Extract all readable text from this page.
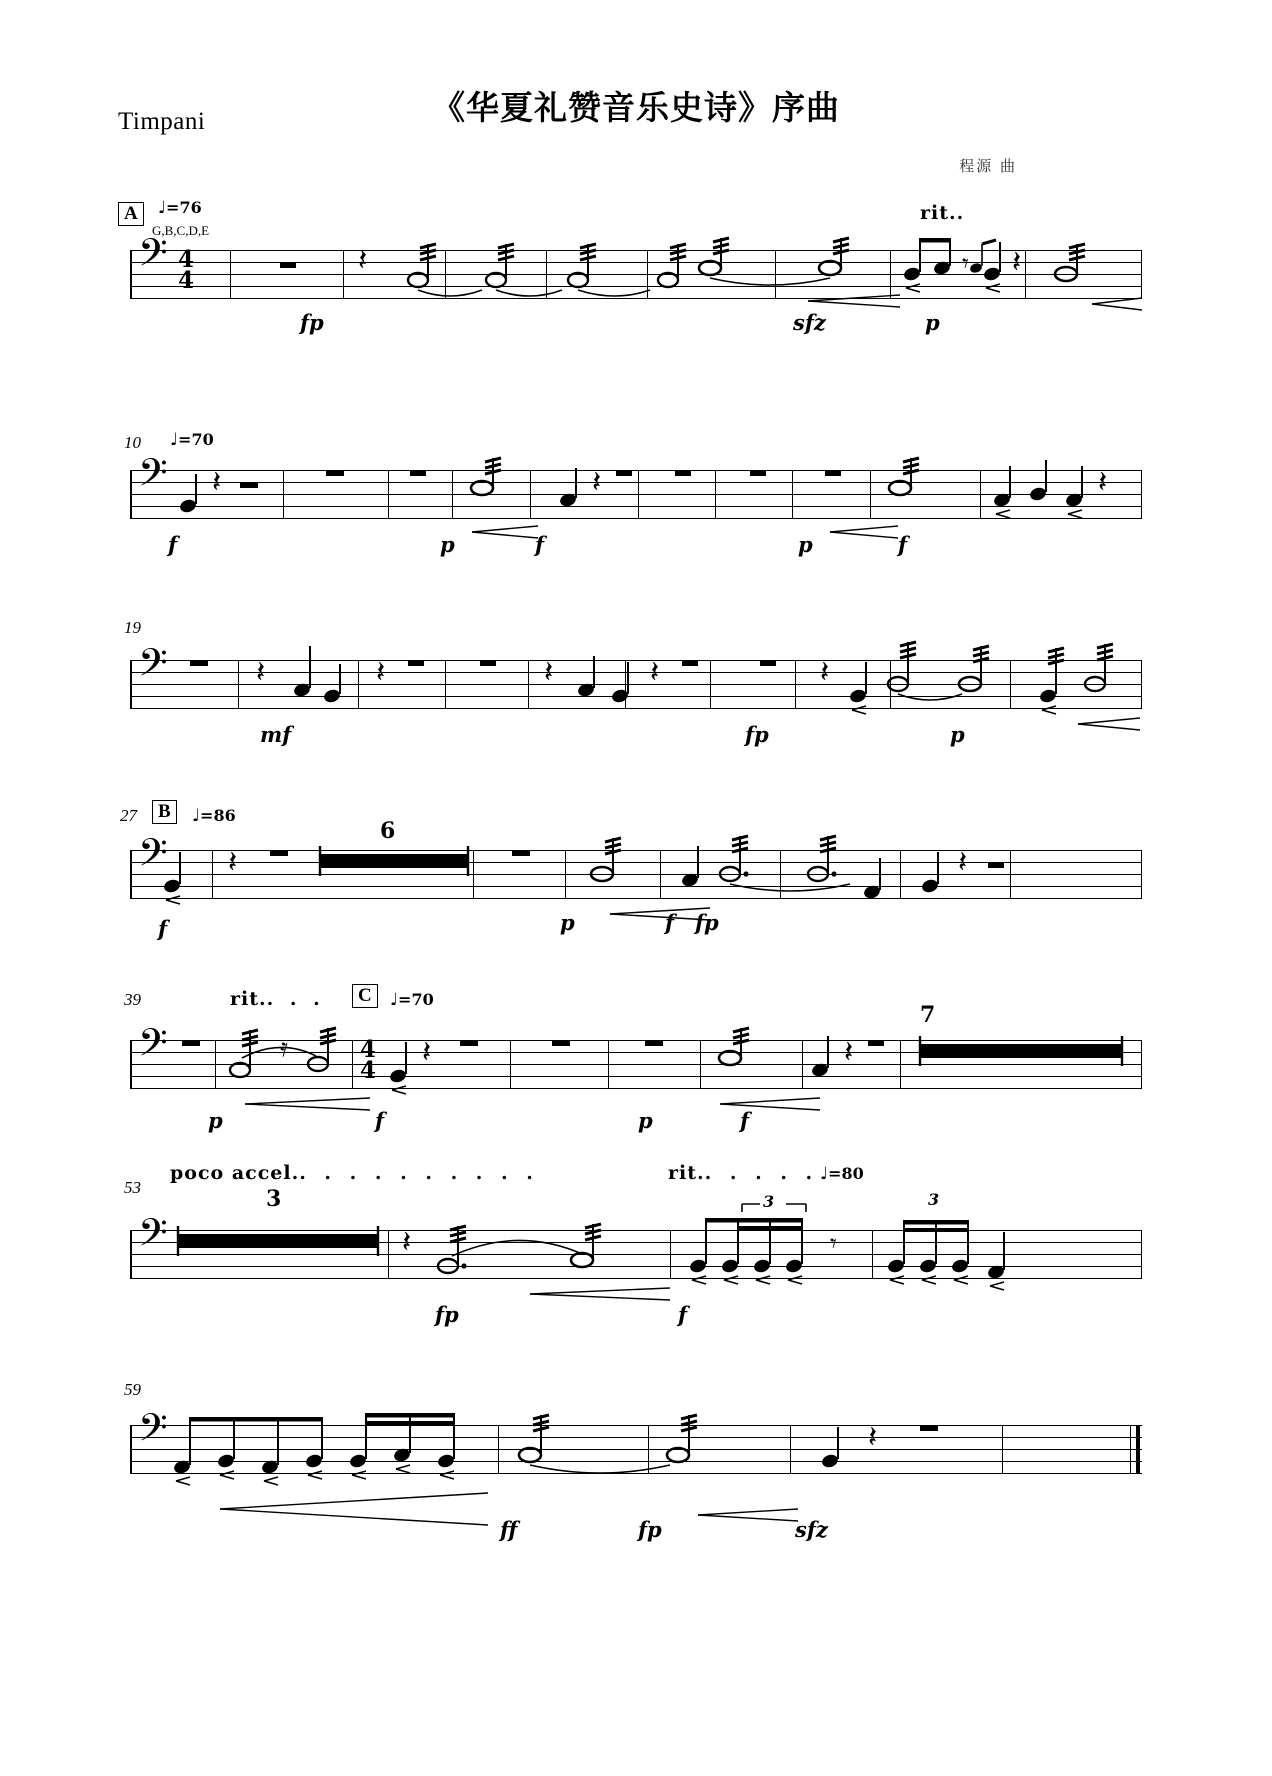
Timpani	《华夏礼赞音乐史诗》序曲
程源 曲
A
G,B,C,D,E
♩=76	rit..
𝄢 4
4
𝄽	𝄾 𝄽
fp	sfz	p
10 ♩=70
𝄢 𝄽	𝄽	𝄽
f	p	f	p	f
19
𝄢	𝄽	𝄽	𝄽	𝄽	𝄽
mf	fp	p
27	B	♩=86
6
𝄢 𝄽	𝄽
f	p	f fp
39	rit.. . .	C	♩=70
7
𝄢	4
4
𝄿	𝄽	𝄽
p	f	p	f
53
poco accel.. . . . . . . . . .	rit.. . . . . ♩=80
3	3	3
𝄢	𝄽	𝄾
fp	f
59
𝄢	𝄽
ff	fp	sfz
